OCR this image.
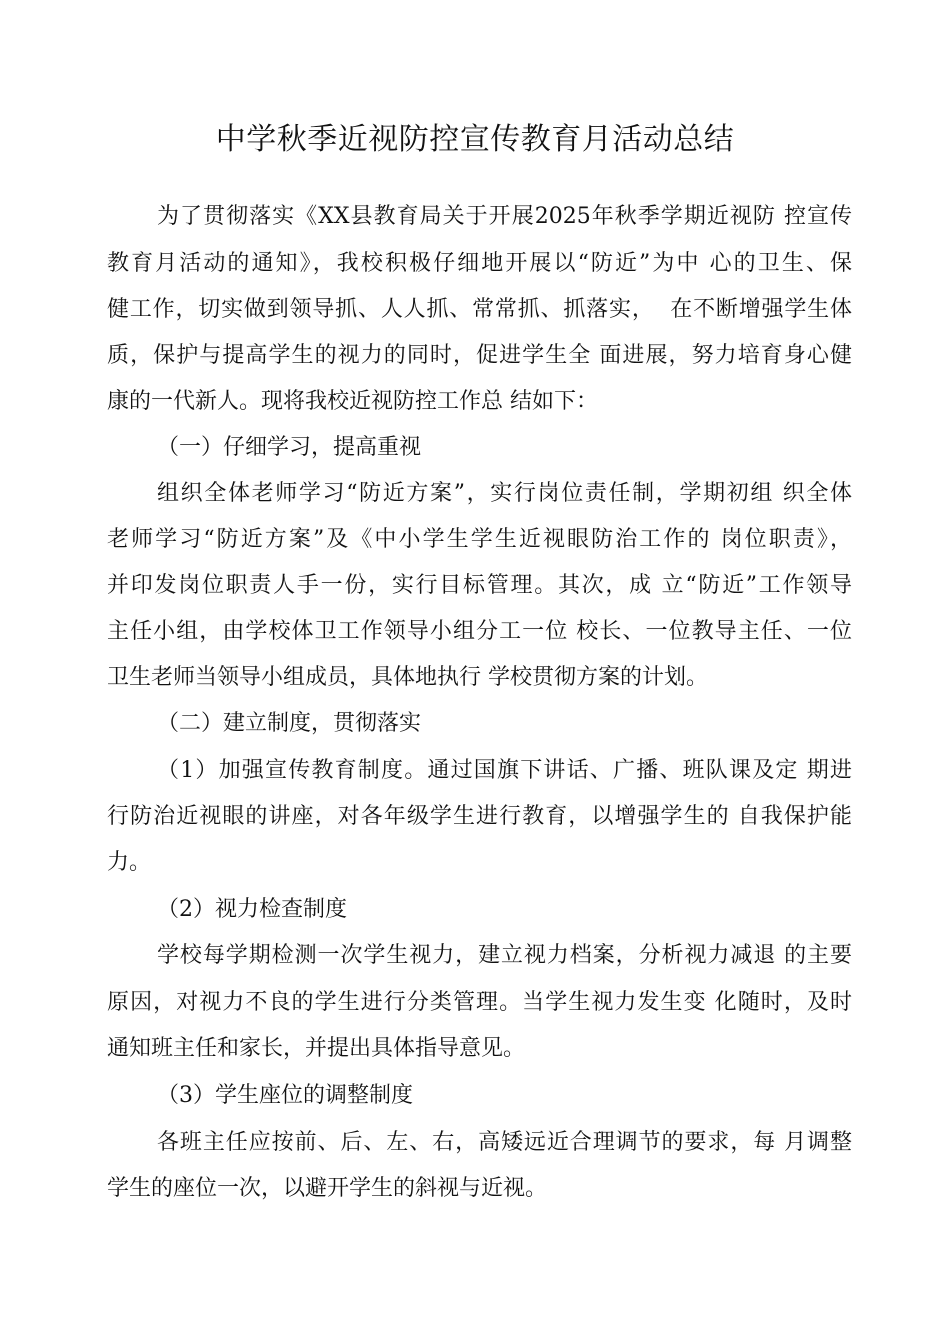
中学秋季近视防控宣传教育月活动总结
为了贯彻落实《XX县教育局关于开展2025年秋季学期近视防 控宣传
教育月活动的通知》，我校积极仔细地开展以“防近”为中 心的卫生、保
健工作，切实做到领导抓、人人抓、常常抓、抓落实，  在不断增强学生体
质，保护与提高学生的视力的同时，促进学生全 面进展，努力培育身心健
康的一代新人。现将我校近视防控工作总 结如下：
（一）仔细学习，提高重视
组织全体老师学习“防近方案”，实行岗位责任制，学期初组 织全体
老师学习“防近方案”及《中小学生学生近视眼防治工作的 岗位职责》，
并印发岗位职责人手一份，实行目标管理。其次，成 立“防近”工作领导
主任小组，由学校体卫工作领导小组分工一位 校长、一位教导主任、一位
卫生老师当领导小组成员，具体地执行 学校贯彻方案的计划。
（二）建立制度，贯彻落实
（1）加强宣传教育制度。通过国旗下讲话、广播、班队课及定 期进
行防治近视眼的讲座，对各年级学生进行教育，以增强学生的 自我保护能
力。
（2）视力检查制度
学校每学期检测一次学生视力，建立视力档案，分析视力减退 的主要
原因，对视力不良的学生进行分类管理。当学生视力发生变 化随时，及时
通知班主任和家长，并提出具体指导意见。
（3）学生座位的调整制度
各班主任应按前、后、左、右，高矮远近合理调节的要求，每 月调整
学生的座位一次，以避开学生的斜视与近视。
